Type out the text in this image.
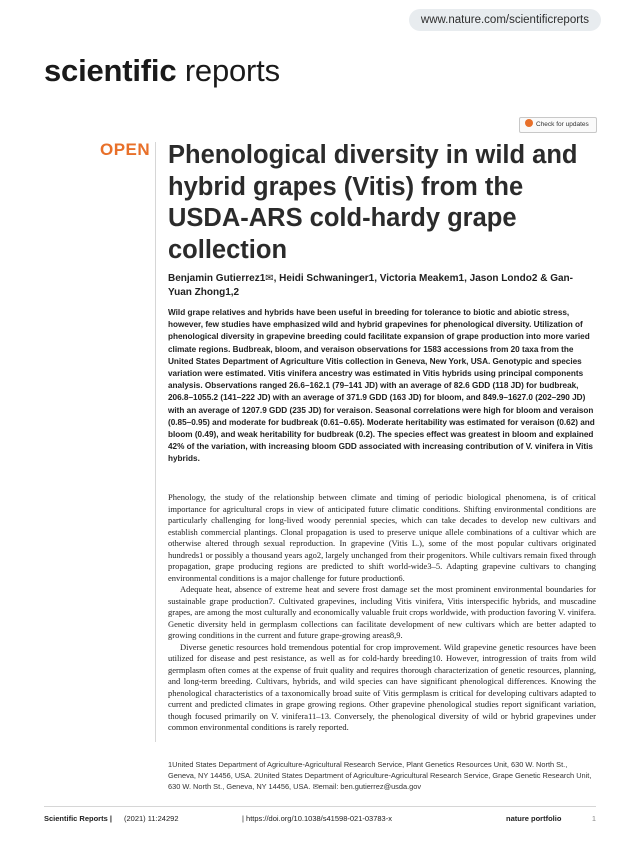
www.nature.com/scientificreports
scientific reports
Check for updates
OPEN Phenological diversity in wild and hybrid grapes (Vitis) from the USDA-ARS cold-hardy grape collection

Benjamin Gutierrez1✉, Heidi Schwaninger1, Victoria Meakem1, Jason Londo2 & Gan-Yuan Zhong1,2

Wild grape relatives and hybrids have been useful in breeding for tolerance to biotic and abiotic stress, however, few studies have emphasized wild and hybrid grapevines for phenological diversity. Utilization of phenological diversity in grapevine breeding could facilitate expansion of grape production into more varied climate regions. Budbreak, bloom, and veraison observations for 1583 accessions from 20 taxa from the United States Department of Agriculture Vitis collection in Geneva, New York, USA. Genotypic and species variation were estimated. Vitis vinifera ancestry was estimated in Vitis hybrids using principal components analysis. Observations ranged 26.6–162.1 (79–141 JD) with an average of 82.6 GDD (118 JD) for budbreak, 206.8–1055.2 (141–222 JD) with an average of 371.9 GDD (163 JD) for bloom, and 849.9–1627.0 (202–290 JD) with an average of 1207.9 GDD (235 JD) for veraison. Seasonal correlations were high for bloom and veraison (0.85–0.95) and moderate for budbreak (0.61–0.65). Moderate heritability was estimated for veraison (0.62) and bloom (0.49), and weak heritability for budbreak (0.2). The species effect was greatest in bloom and explained 42% of the variation, with increasing bloom GDD associated with increasing contribution of V. vinifera in Vitis hybrids.

Phenology, the study of the relationship between climate and timing of periodic biological phenomena, is of critical importance for agricultural crops in view of anticipated future climatic conditions. Shifting environmental conditions are particularly challenging for long-lived woody perennial species, which can take decades to develop new cultivars and establish commercial plantings. Clonal propagation is used to preserve unique allele combinations of a cultivar which are otherwise altered through sexual reproduction. In grapevine (Vitis L.), some of the most popular cultivars originated hundreds1 or possibly a thousand years ago2, largely unchanged from their progenitors. While cultivars remain fixed through propagation, grape producing regions are predicted to shift world-wide3–5. Adapting grapevine cultivars to changing environmental conditions is a major challenge for future production6.

Adequate heat, absence of extreme heat and severe frost damage set the most prominent environmental boundaries for sustainable grape production7. Cultivated grapevines, including Vitis vinifera, Vitis interspecific hybrids, and muscadine grapes, are among the most culturally and economically valuable fruit crops worldwide, with production favoring V. vinifera. Genetic diversity held in germplasm collections can facilitate development of new cultivars which are better adapted to growing conditions in the current and future grape-growing areas8,9.

Diverse genetic resources hold tremendous potential for crop improvement. Wild grapevine genetic resources have been utilized for disease and pest resistance, as well as for cold-hardy breeding10. However, introgression of traits from wild germplasm often comes at the expense of fruit quality and requires thorough characterization of genetic resources, planning, and long-term breeding. Cultivars, hybrids, and wild species can have significant phenological differences. Knowing the phenological characteristics of a taxonomically broad suite of Vitis germplasm is critical for developing cultivars adapted to current and predicted climates in grape growing regions. Other grapevine phenological studies report significant variation, though focused primarily on V. vinifera11–13. Conversely, the phenological diversity of wild or hybrid grapevines under common environmental conditions is rarely reported.

1United States Department of Agriculture-Agricultural Research Service, Plant Genetics Resources Unit, 630 W. North St., Geneva, NY 14456, USA. 2United States Department of Agriculture-Agricultural Research Service, Grape Genetic Research Unit, 630 W. North St., Geneva, NY 14456, USA. ✉email: ben.gutierrez@usda.gov

Scientific Reports | (2021) 11:24292	| https://doi.org/10.1038/s41598-021-03783-x	nature portfolio	1
